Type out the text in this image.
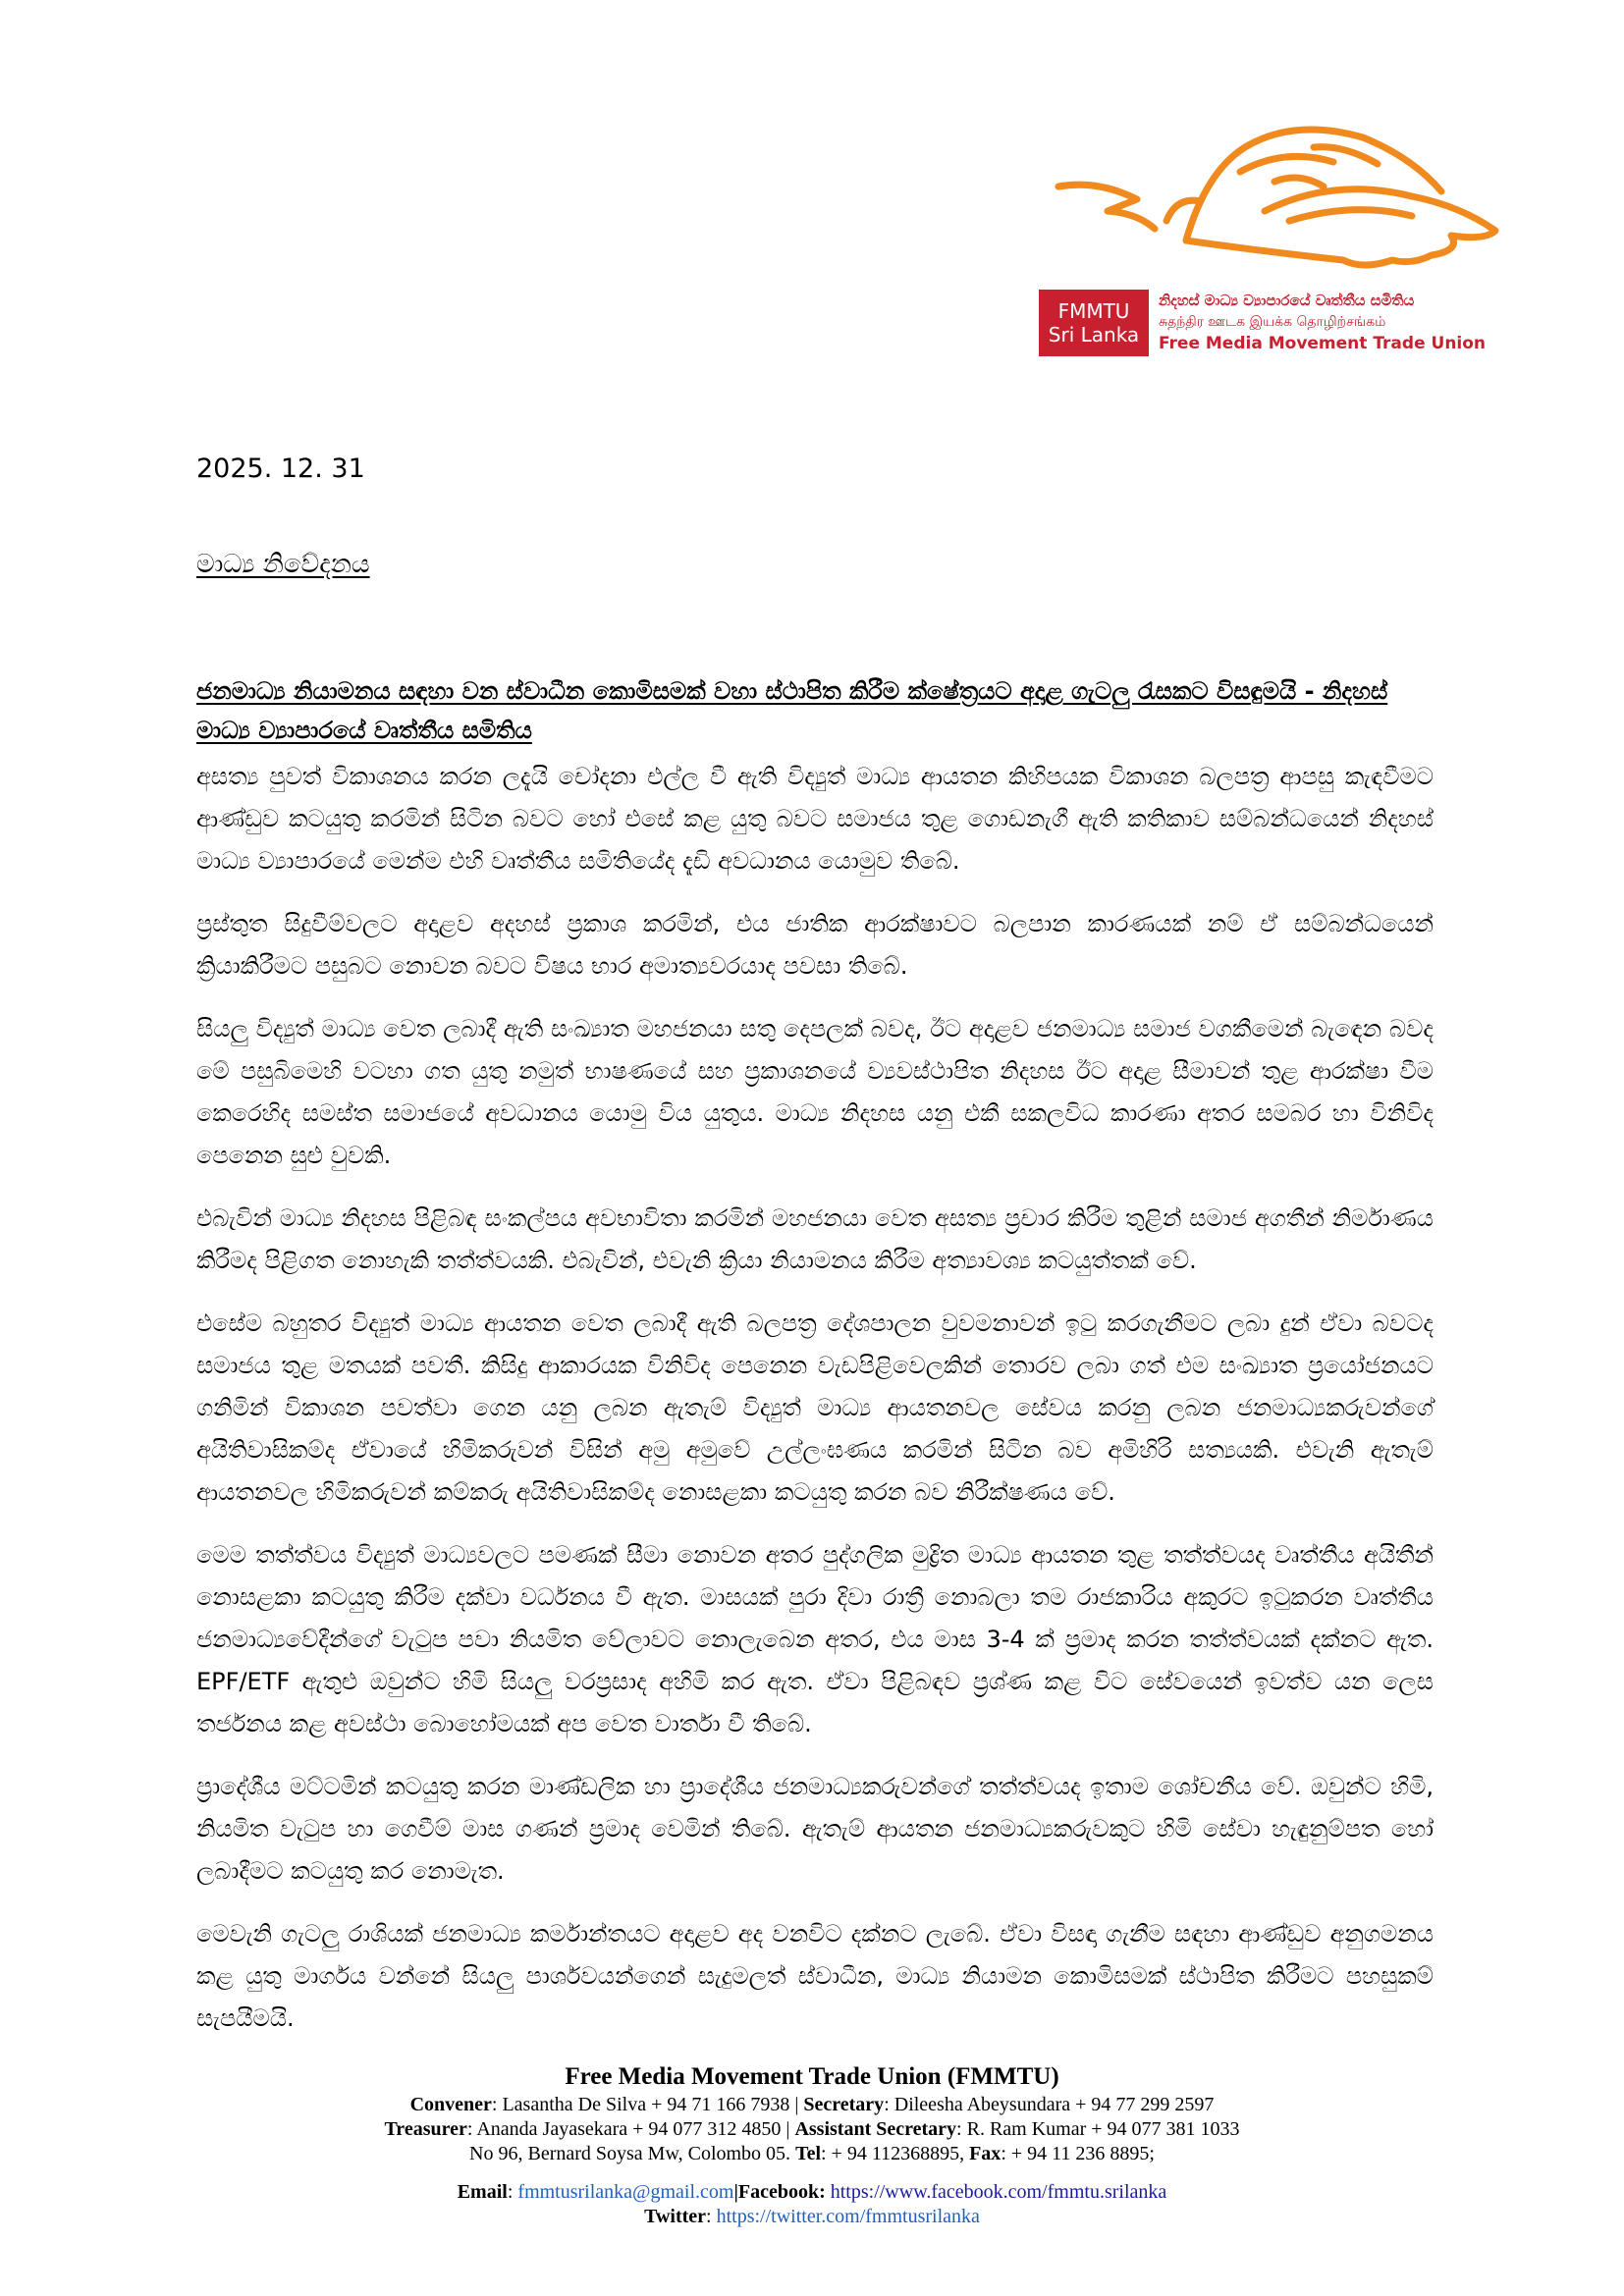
FMMTU
Sri Lanka
නිදහස් මාධ්‍ය ව්‍යාපාරයේ වෘත්තීය සමිතිය
சுதந்திர ஊடக இயக்க தொழிற்சங்கம்
Free Media Movement Trade Union
2025. 12. 31
මාධ්‍ය නිවේදනය
ජනමාධ්‍ය නියාමනය සඳහා වන ස්වාධීන කොමිසමක් වහා ස්ථාපිත කිරීම ක්ෂේත්‍රයට අදාළ ගැටලු රැසකට විසඳුමයි - නිදහස් මාධ්‍ය ව්‍යාපාරයේ වෘත්තීය සමිතිය

අසත්‍ය පුවත් විකාශනය කරන ලදැයි චෝදනා එල්ල වී ඇති විද්‍යුත් මාධ්‍ය ආයතන කිහිපයක විකාශන බලපත්‍ර ආපසු කැඳවීමට ආණ්ඩුව කටයුතු කරමින් සිටින බවට හෝ එසේ කළ යුතු බවට සමාජය තුළ ගොඩනැගී ඇති කතිකාව සම්බන්ධයෙන් නිදහස් මාධ්‍ය ව්‍යාපාරයේ මෙන්ම එහි වෘත්තීය සමිතියේද දැඩි අවධානය යොමුව තිබේ.

ප්‍රස්තුත සිදුවීම්වලට අදාළව අදහස් ප්‍රකාශ කරමින්, එය ජාතික ආරක්ෂාවට බලපාන කාරණයක් නම් ඒ සම්බන්ධයෙන් ක්‍රියාකිරීමට පසුබට නොවන බවට විෂය භාර අමාත්‍යවරයාද පවසා තිබේ.

සියලු විද්‍යුත් මාධ්‍ය වෙත ලබාදී ඇති සංඛ්‍යාත මහජනයා සතු දෙපලක් බවද, ඊට අදාළව ජනමාධ්‍ය සමාජ වගකීමෙන් බැඳෙන බවද මේ පසුබිමෙහි වටහා ගත යුතු නමුත් භාෂණයේ සහ ප්‍රකාශනයේ ව්‍යවස්ථාපිත නිදහස ඊට අදාළ සීමාවන් තුළ ආරක්ෂා වීම කෙරෙහිද සමස්ත සමාජයේ අවධානය යොමු විය යුතුය. මාධ්‍ය නිදහස යනු එකී සකලවිධ කාරණා අතර සමබර හා විනිවිද පෙනෙන සුළු වුවකි.

එබැවින් මාධ්‍ය නිදහස පිළිබඳ සංකල්පය අවභාවිතා කරමින් මහජනයා වෙත අසත්‍ය ප්‍රචාර කිරීම තුළින් සමාජ අගතීන් නිර්මාණය කිරීමද පිළිගත නොහැකි තත්ත්වයකි. එබැවින්, එවැනි ක්‍රියා නියාමනය කිරීම අත්‍යාවශ්‍ය කටයුත්තක් වේ.

එසේම බහුතර විද්‍යුත් මාධ්‍ය ආයතන වෙත ලබාදී ඇති බලපත්‍ර දේශපාලන වුවමනාවන් ඉටු කරගැනීමට ලබා දුන් ඒවා බවටද සමාජය තුළ මතයක් පවතී. කිසිදු ආකාරයක විනිවිද පෙනෙන වැඩපිළිවෙලකින් තොරව ලබා ගත් එම සංඛ්‍යාත ප්‍රයෝජනයට ගනිමින් විකාශන පවත්වා ගෙන යනු ලබන ඇතැම් විද්‍යුත් මාධ්‍ය ආයතනවල සේවය කරනු ලබන ජනමාධ්‍යකරුවන්ගේ අයිතිවාසිකම්ද ඒවායේ හිමිකරුවන් විසින් අමු අමුවේ උල්ලංඝණය කරමින් සිටින බව අමිහිරි සත්‍යයකි. එවැනි ඇතැම් ආයතනවල හිමිකරුවන් කම්කරු අයිතිවාසිකම්ද නොසළකා කටයුතු කරන බව නිරීක්ෂණය වේ.

මෙම තත්ත්වය විද්‍යුත් මාධ්‍යවලට පමණක් සීමා නොවන අතර පුද්ගලික මුද්‍රිත මාධ්‍ය ආයතන තුළ තත්ත්වයද වෘත්තීය අයිතීන් නොසළකා කටයුතු කිරීම දක්වා වර්ධනය වී ඇත. මාසයක් පුරා දිවා රාත්‍රී නොබලා තම රාජකාරිය අකුරට ඉටුකරන වෘත්තීය ජනමාධ්‍යවේදීන්ගේ වැටුප පවා නියමිත වේලාවට නොලැබෙන අතර, එය මාස 3-4 ක් ප්‍රමාද කරන තත්ත්වයක් දක්නට ඇත. EPF/ETF ඇතුළු ඔවුන්ට හිමි සියලු වරප්‍රසාද අහිමි කර ඇත. ඒවා පිළිබඳව ප්‍රශ්ණ කළ විට සේවයෙන් ඉවත්ව යන ලෙස තර්ජනය කළ අවස්ථා බොහෝමයක් අප වෙත වාර්තා වී තිබේ.

ප්‍රාදේශීය මට්ටමින් කටයුතු කරන මාණ්ඩලික හා ප්‍රාදේශීය ජනමාධ්‍යකරුවන්ගේ තත්ත්වයද ඉතාම ශෝචනීය වේ. ඔවුන්ට හිමි, නියමිත වැටුප හා ගෙවීම් මාස ගණන් ප්‍රමාද වෙමින් තිබේ. ඇතැම් ආයතන ජනමාධ්‍යකරුවකුට හිමි සේවා හැඳුනුම්පත හෝ ලබාදීමට කටයුතු කර නොමැත.

මෙවැනි ගැටලු රාශියක් ජනමාධ්‍ය කර්මාන්තයට අදාළව අද වනවිට දක්නට ලැබේ. ඒවා විසඳා ගැනීම සඳහා ආණ්ඩුව අනුගමනය කළ යුතු මාර්ගය වන්නේ සියලු පාර්ශවයන්ගෙන් සැදුමලත් ස්වාධීන, මාධ්‍ය නියාමන කොමිසමක් ස්ථාපිත කිරීමට පහසුකම් සැපයීමයි.

Free Media Movement Trade Union (FMMTU)
Convener: Lasantha De Silva + 94 71 166 7938 | Secretary: Dileesha Abeysundara + 94 77 299 2597
Treasurer: Ananda Jayasekara + 94 077 312 4850 | Assistant Secretary: R. Ram Kumar + 94 077 381 1033
No 96, Bernard Soysa Mw, Colombo 05. Tel: + 94 112368895, Fax: + 94 11 236 8895;
Email: fmmtusrilanka@gmail.com|Facebook: https://www.facebook.com/fmmtu.srilanka
Twitter: https://twitter.com/fmmtusrilanka
